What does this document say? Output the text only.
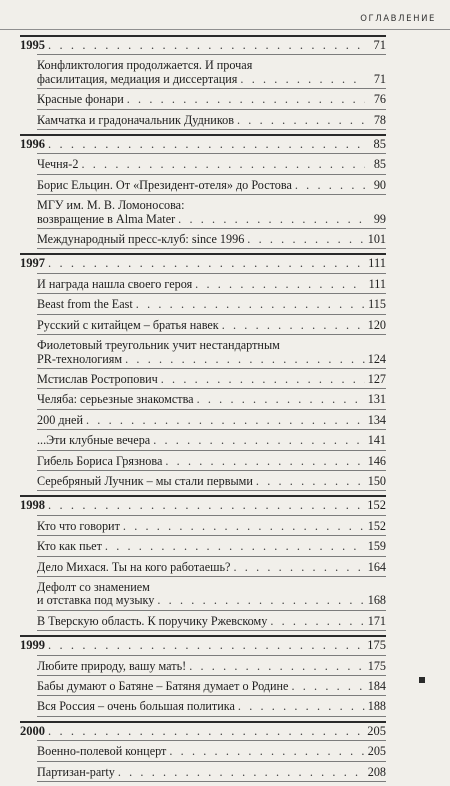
ОГЛАВЛЕНИЕ
1995 . . .	71
Конфликтология продолжается. И прочая
фасилитация, медиация и диссертация . . .	71
Красные фонари . . .	76
Камчатка и градоначальник Дудников . . .	78
1996 . . .	85
Чечня-2 . . .	85
Борис Ельцин. От «Президент-отеля» до Ростова . . .	90
МГУ им. М. В. Ломоносова:
возвращение в Alma Mater . . .	99
Международный пресс-клуб: since 1996 . . .	101
1997 . . .	111
И награда нашла своего героя . . .	111
Beast from the East . . .	115
Русский с китайцем – братья навек . . .	120
Фиолетовый треугольник учит нестандартным
PR-технологиям . . .	124
Мстислав Ростропович . . .	127
Челяба: серьезные знакомства . . .	131
200 дней . . .	134
...Эти клубные вечера . . .	141
Гибель Бориса Грязнова . . .	146
Серебряный Лучник – мы стали первыми . . .	150
1998 . . .	152
Кто что говорит . . .	152
Кто как пьет . . .	159
Дело Михася. Ты на кого работаешь? . . .	164
Дефолт со знамением
и отставка под музыку . . .	168
В Тверскую область. К поручику Ржевскому . . .	171
1999 . . .	175
Любите природу, вашу мать! . . .	175
Бабы думают о Батяне – Батяня думает о Родине . . .	184
Вся Россия – очень большая политика . . .	188
2000 . . .	205
Военно-полевой концерт . . .	205
Партизан-party . . .	208
